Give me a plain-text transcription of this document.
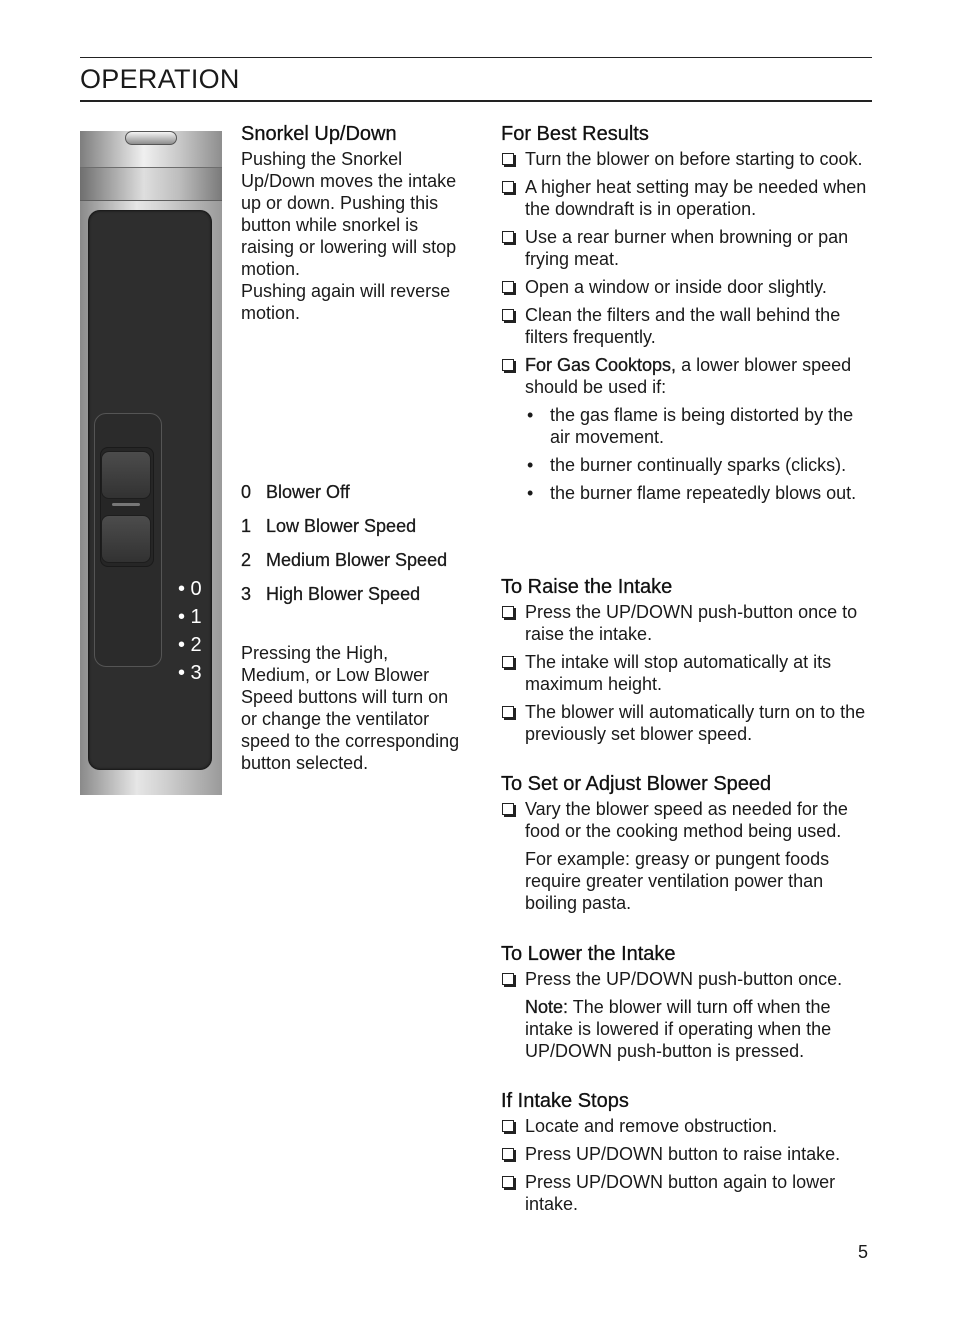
OPERATION
• 0
• 1
• 2
• 3
Snorkel Up/Down

Pushing the Snorkel Up/Down moves the intake up or down. Pushing this button while snorkel is raising or lowering will stop motion.

Pushing again will reverse motion.

0 Blower Off
1 Low Blower Speed
2 Medium Blower Speed
3 High Blower Speed

Pressing the High, Medium, or Low Blower Speed buttons will turn on or change the ventilator speed to the corresponding button selected.

For Best Results
Turn the blower on before starting to cook.
A higher heat setting may be needed when the downdraft is in operation.
Use a rear burner when browning or pan frying meat.
Open a window or inside door slightly.
Clean the filters and the wall behind the filters frequently.
For Gas Cooktops, a lower blower speed should be used if:
• the gas flame is being distorted by the air movement.
• the burner continually sparks (clicks).
• the burner flame repeatedly blows out.
To Raise the Intake
Press the UP/DOWN push-button once to raise the intake.
The intake will stop automatically at its maximum height.
The blower will automatically turn on to the previously set blower speed.
To Set or Adjust Blower Speed
Vary the blower speed as needed for the food or the cooking method being used.

For example: greasy or pungent foods require greater ventilation power than boiling pasta.

To Lower the Intake
Press the UP/DOWN push-button once.

Note: The blower will turn off when the intake is lowered if operating when the UP/DOWN push-button is pressed.

If Intake Stops
Locate and remove obstruction.
Press UP/DOWN button to raise intake.
Press UP/DOWN button again to lower intake.
5
